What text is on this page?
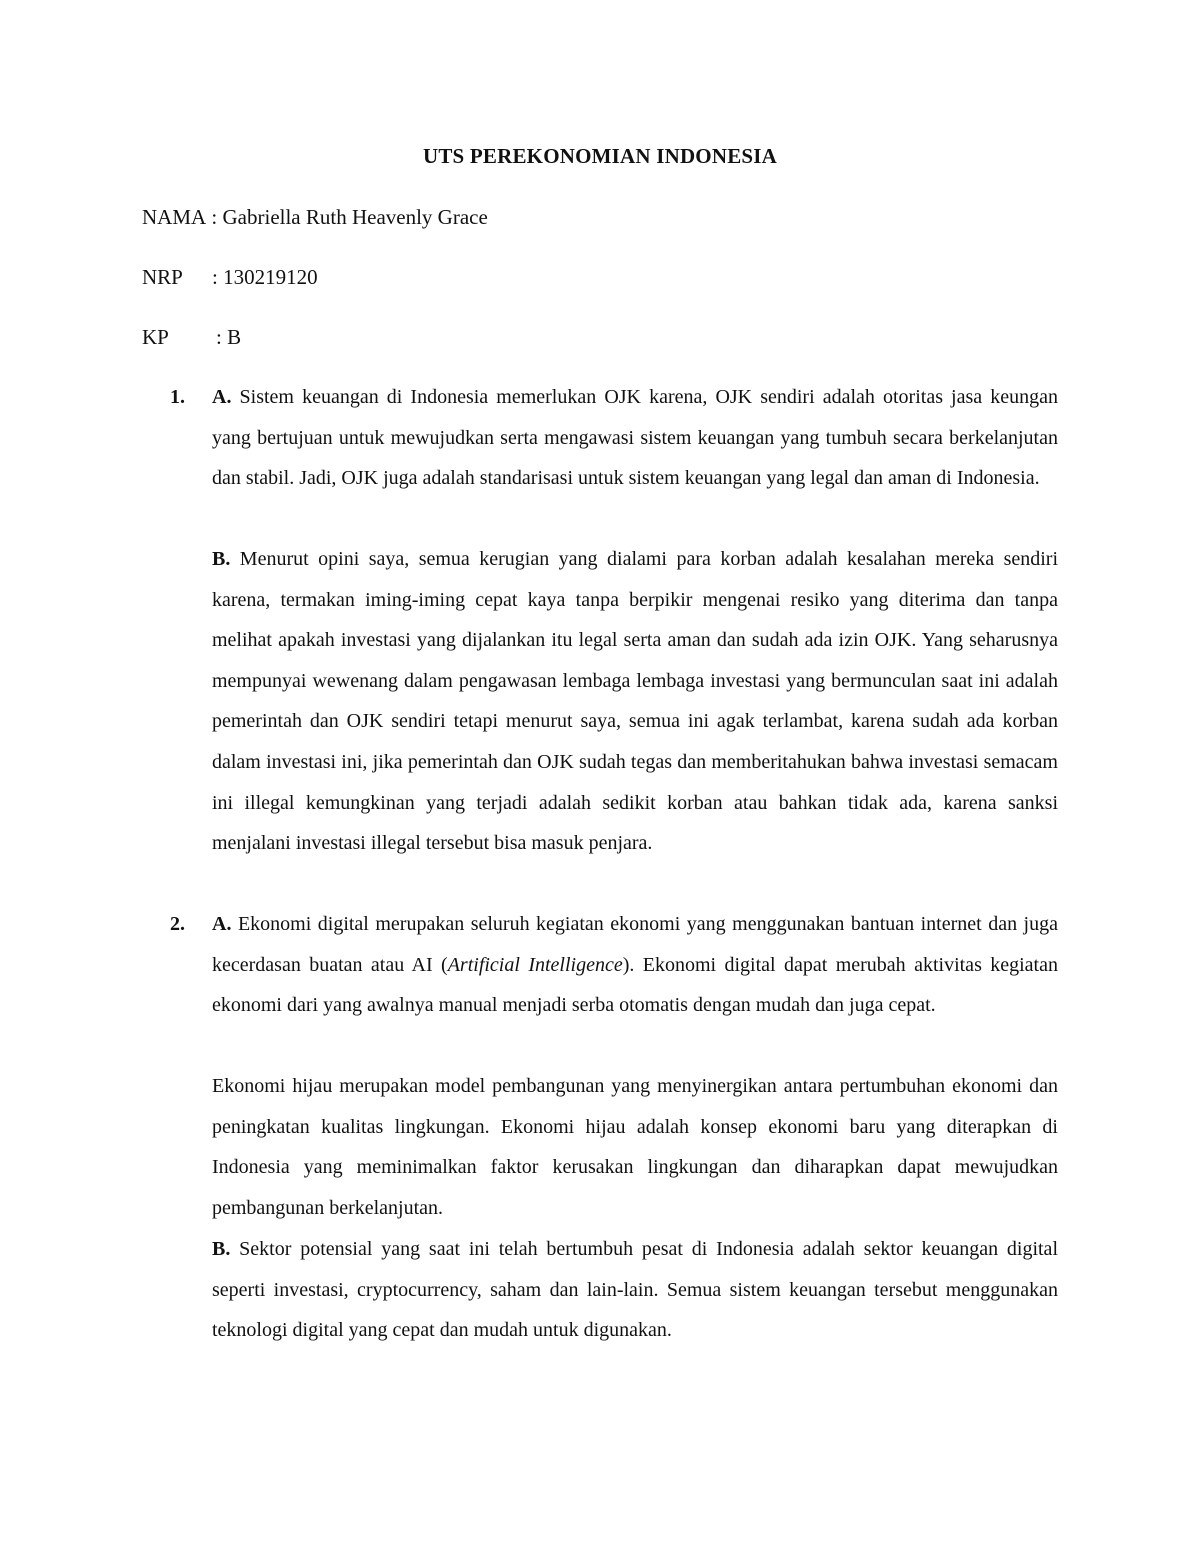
UTS PEREKONOMIAN INDONESIA
NAMA : Gabriella Ruth Heavenly Grace
NRP : 130219120
KP : B
1. A. Sistem keuangan di Indonesia memerlukan OJK karena, OJK sendiri adalah otoritas jasa keungan yang bertujuan untuk mewujudkan serta mengawasi sistem keuangan yang tumbuh secara berkelanjutan dan stabil. Jadi, OJK juga adalah standarisasi untuk sistem keuangan yang legal dan aman di Indonesia.

B. Menurut opini saya, semua kerugian yang dialami para korban adalah kesalahan mereka sendiri karena, termakan iming-iming cepat kaya tanpa berpikir mengenai resiko yang diterima dan tanpa melihat apakah investasi yang dijalankan itu legal serta aman dan sudah ada izin OJK. Yang seharusnya mempunyai wewenang dalam pengawasan lembaga lembaga investasi yang bermunculan saat ini adalah pemerintah dan OJK sendiri tetapi menurut saya, semua ini agak terlambat, karena sudah ada korban dalam investasi ini, jika pemerintah dan OJK sudah tegas dan memberitahukan bahwa investasi semacam ini illegal kemungkinan yang terjadi adalah sedikit korban atau bahkan tidak ada, karena sanksi menjalani investasi illegal tersebut bisa masuk penjara.

2. A. Ekonomi digital merupakan seluruh kegiatan ekonomi yang menggunakan bantuan internet dan juga kecerdasan buatan atau AI (Artificial Intelligence). Ekonomi digital dapat merubah aktivitas kegiatan ekonomi dari yang awalnya manual menjadi serba otomatis dengan mudah dan juga cepat.

Ekonomi hijau merupakan model pembangunan yang menyinergikan antara pertumbuhan ekonomi dan peningkatan kualitas lingkungan. Ekonomi hijau adalah konsep ekonomi baru yang diterapkan di Indonesia yang meminimalkan faktor kerusakan lingkungan dan diharapkan dapat mewujudkan pembangunan berkelanjutan.

B. Sektor potensial yang saat ini telah bertumbuh pesat di Indonesia adalah sektor keuangan digital seperti investasi, cryptocurrency, saham dan lain-lain. Semua sistem keuangan tersebut menggunakan teknologi digital yang cepat dan mudah untuk digunakan.
